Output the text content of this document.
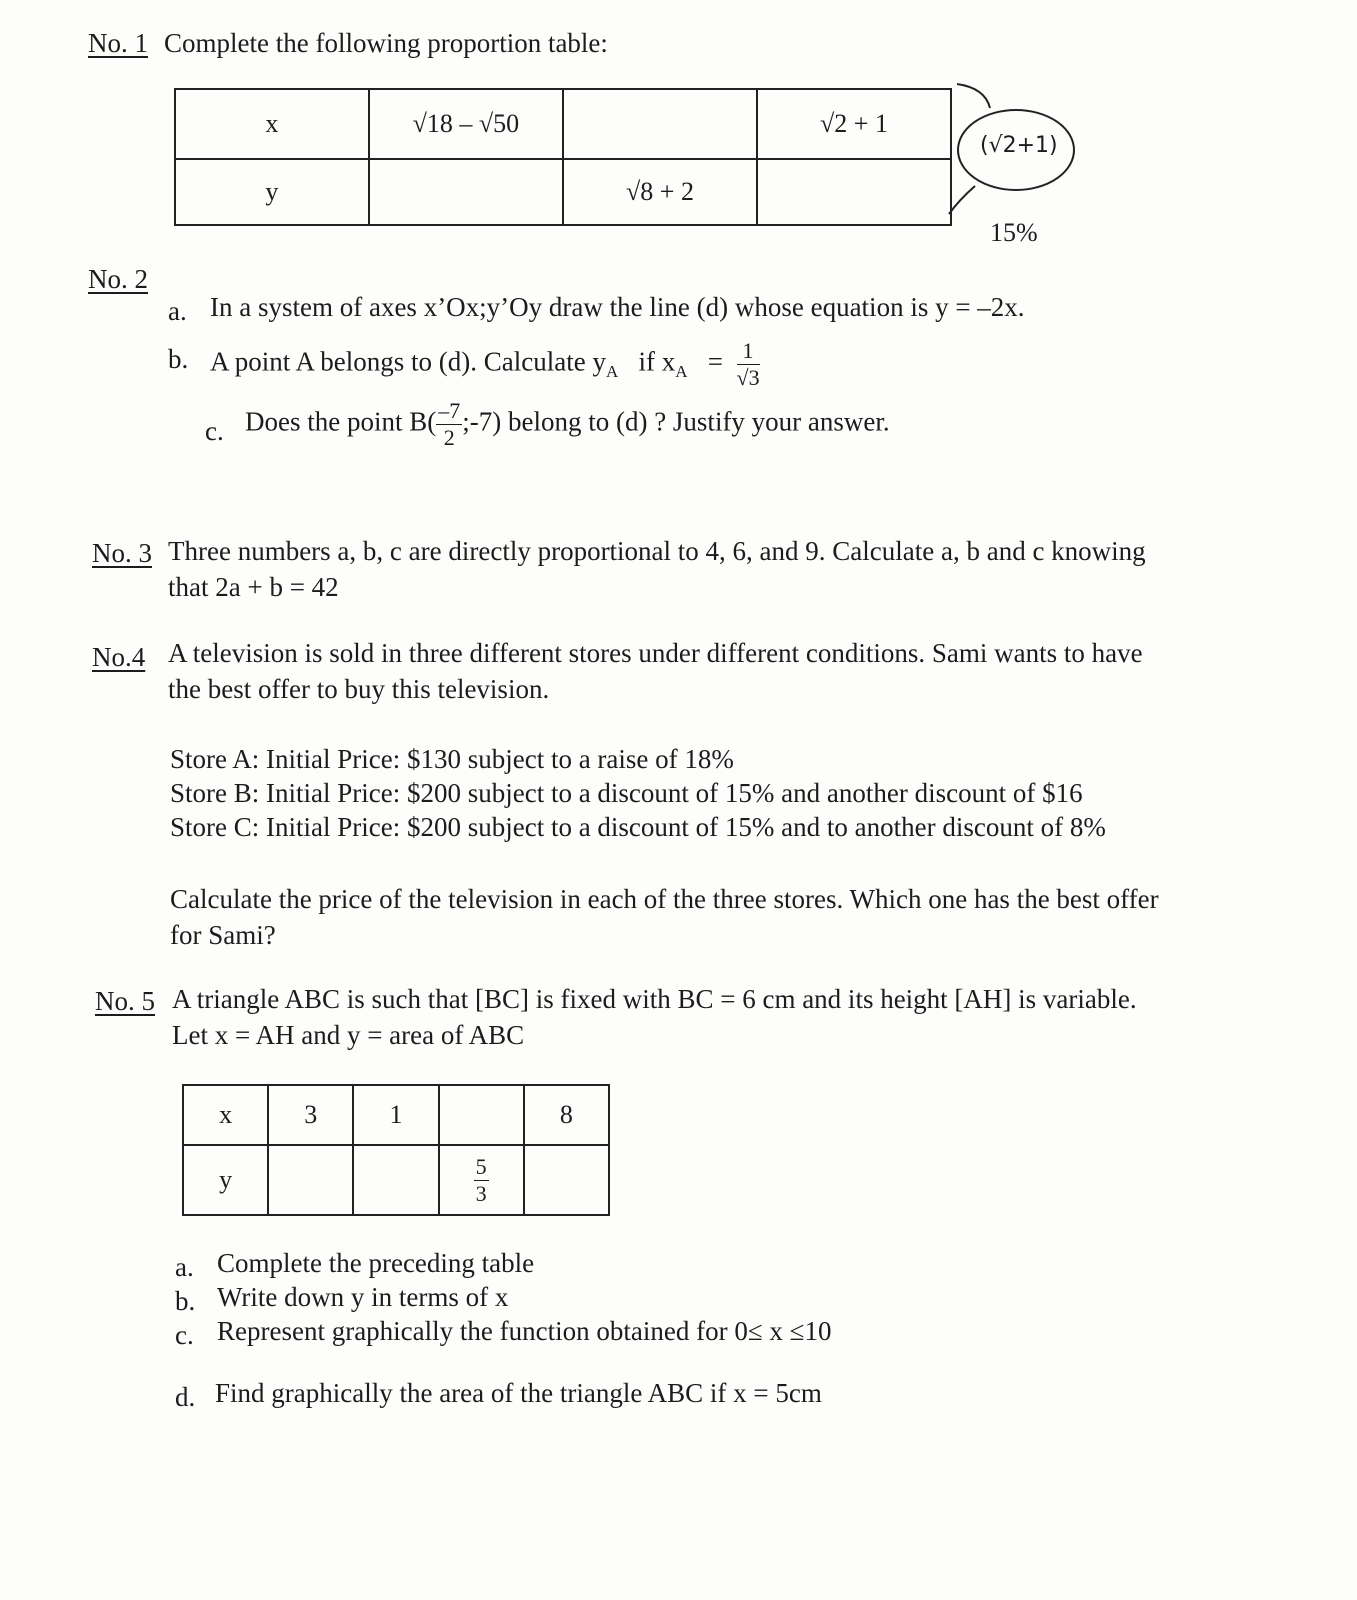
No. 1 Complete the following proportion table:
x	√18 – √50		√2 + 1
y		√8 + 2	
(√2+1)
15%
No. 2
a. In a system of axes x’Ox;y’Oy draw the line (d) whose equation is y = –2x.
b. A point A belongs to (d). Calculate $y_A$ if $x_A = \frac{1}{√3}$
c. Does the point $B( \frac{-7}{2}$ ;-7) belong to (d) ? Justify your answer.
No. 3 Three numbers a, b, c are directly proportional to 4, 6, and 9. Calculate a, b and c knowing
that 2a + b = 42
No.4 A television is sold in three different stores under different conditions. Sami wants to have
the best offer to buy this television.
Store A: Initial Price: $130 subject to a raise of 18%
Store B: Initial Price: $200 subject to a discount of 15% and another discount of $16
Store C: Initial Price: $200 subject to a discount of 15% and to another discount of 8%
Calculate the price of the television in each of the three stores. Which one has the best offer
for Sami?
No. 5 A triangle ABC is such that [BC] is fixed with BC = 6 cm and its height [AH] is variable.
Let x = AH and y = area of ABC
x	3	1		8
y			$\frac{5}{3}$

a. Complete the preceding table
b. Write down y in terms of x
c. Represent graphically the function obtained for 0≤ x ≤10
d. Find graphically the area of the triangle ABC if x = 5cm
